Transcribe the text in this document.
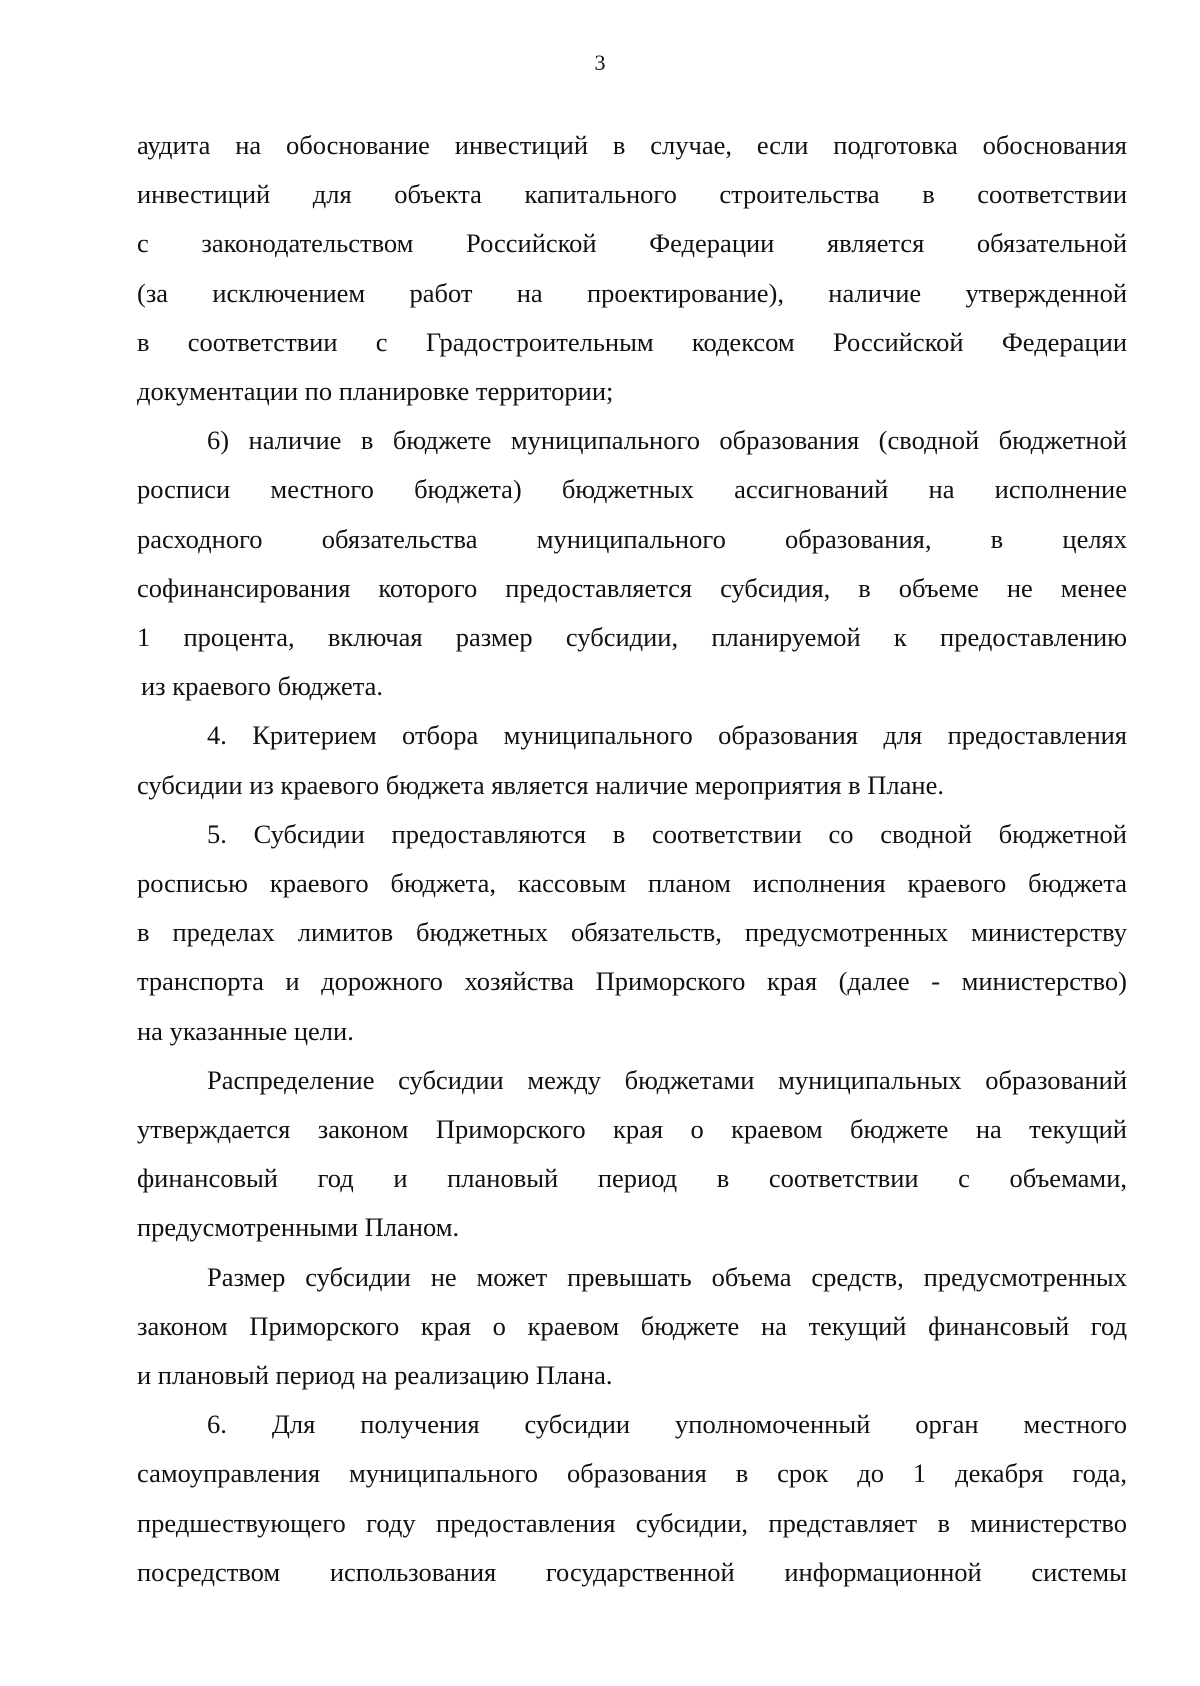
3
аудита на обоснование инвестиций в случае, если подготовка обоснования
инвестиций для объекта капитального строительства в соответствии
с законодательством Российской Федерации является обязательной
(за исключением работ на проектирование), наличие утвержденной
в соответствии с Градостроительным кодексом Российской Федерации
документации по планировке территории;
6) наличие в бюджете муниципального образования (сводной бюджетной
росписи местного бюджета) бюджетных ассигнований на исполнение
расходного обязательства муниципального образования, в целях
софинансирования которого предоставляется субсидия, в объеме не менее
1 процента, включая размер субсидии, планируемой к предоставлению
из краевого бюджета.
4. Критерием отбора муниципального образования для предоставления
субсидии из краевого бюджета является наличие мероприятия в Плане.
5. Субсидии предоставляются в соответствии со сводной бюджетной
росписью краевого бюджета, кассовым планом исполнения краевого бюджета
в пределах лимитов бюджетных обязательств, предусмотренных министерству
транспорта и дорожного хозяйства Приморского края (далее - министерство)
на указанные цели.
Распределение субсидии между бюджетами муниципальных образований
утверждается законом Приморского края о краевом бюджете на текущий
финансовый год и плановый период в соответствии с объемами,
предусмотренными Планом.
Размер субсидии не может превышать объема средств, предусмотренных
законом Приморского края о краевом бюджете на текущий финансовый год
и плановый период на реализацию Плана.
6. Для получения субсидии уполномоченный орган местного
самоуправления муниципального образования в срок до 1 декабря года,
предшествующего году предоставления субсидии, представляет в министерство
посредством использования государственной информационной системы
